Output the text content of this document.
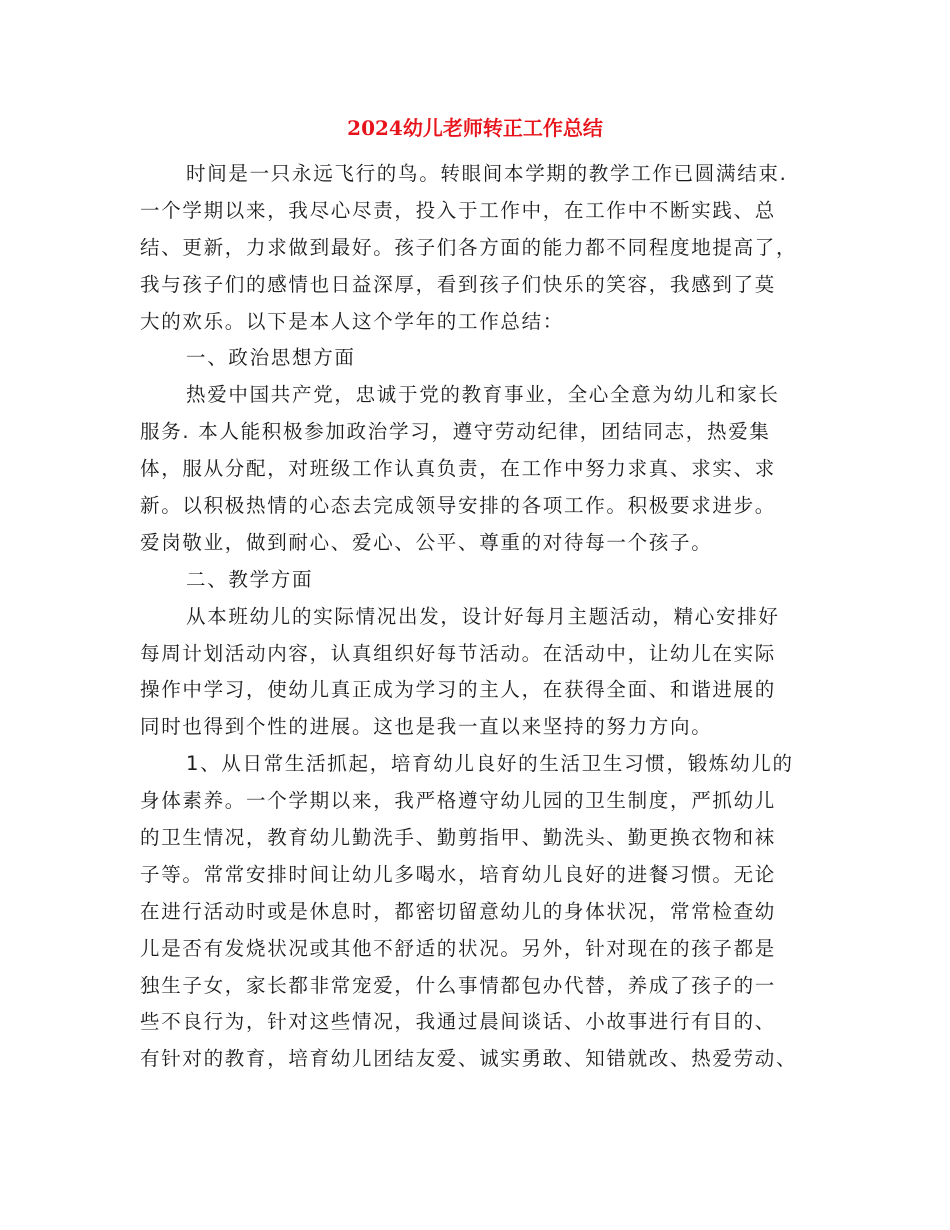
2024幼儿老师转正工作总结
时间是一只永远飞行的鸟。转眼间本学期的教学工作已圆满结束.
一个学期以来，我尽心尽责，投入于工作中，在工作中不断实践、总
结、更新，力求做到最好。孩子们各方面的能力都不同程度地提高了，
我与孩子们的感情也日益深厚，看到孩子们快乐的笑容，我感到了莫
大的欢乐。以下是本人这个学年的工作总结：
一、政治思想方面
热爱中国共产党，忠诚于党的教育事业，全心全意为幼儿和家长
服务. 本人能积极参加政治学习，遵守劳动纪律，团结同志，热爱集
体，服从分配，对班级工作认真负责，在工作中努力求真、求实、求
新。以积极热情的心态去完成领导安排的各项工作。积极要求进步。
爱岗敬业，做到耐心、爱心、公平、尊重的对待每一个孩子。
二、教学方面
从本班幼儿的实际情况出发，设计好每月主题活动，精心安排好
每周计划活动内容，认真组织好每节活动。在活动中，让幼儿在实际
操作中学习，使幼儿真正成为学习的主人，在获得全面、和谐进展的
同时也得到个性的进展。这也是我一直以来坚持的努力方向。
1、从日常生活抓起，培育幼儿良好的生活卫生习惯，锻炼幼儿的
身体素养。一个学期以来，我严格遵守幼儿园的卫生制度，严抓幼儿
的卫生情况，教育幼儿勤洗手、勤剪指甲、勤洗头、勤更换衣物和袜
子等。常常安排时间让幼儿多喝水，培育幼儿良好的进餐习惯。无论
在进行活动时或是休息时，都密切留意幼儿的身体状况，常常检查幼
儿是否有发烧状况或其他不舒适的状况。另外，针对现在的孩子都是
独生子女，家长都非常宠爱，什么事情都包办代替，养成了孩子的一
些不良行为，针对这些情况，我通过晨间谈话、小故事进行有目的、
有针对的教育，培育幼儿团结友爱、诚实勇敢、知错就改、热爱劳动、
